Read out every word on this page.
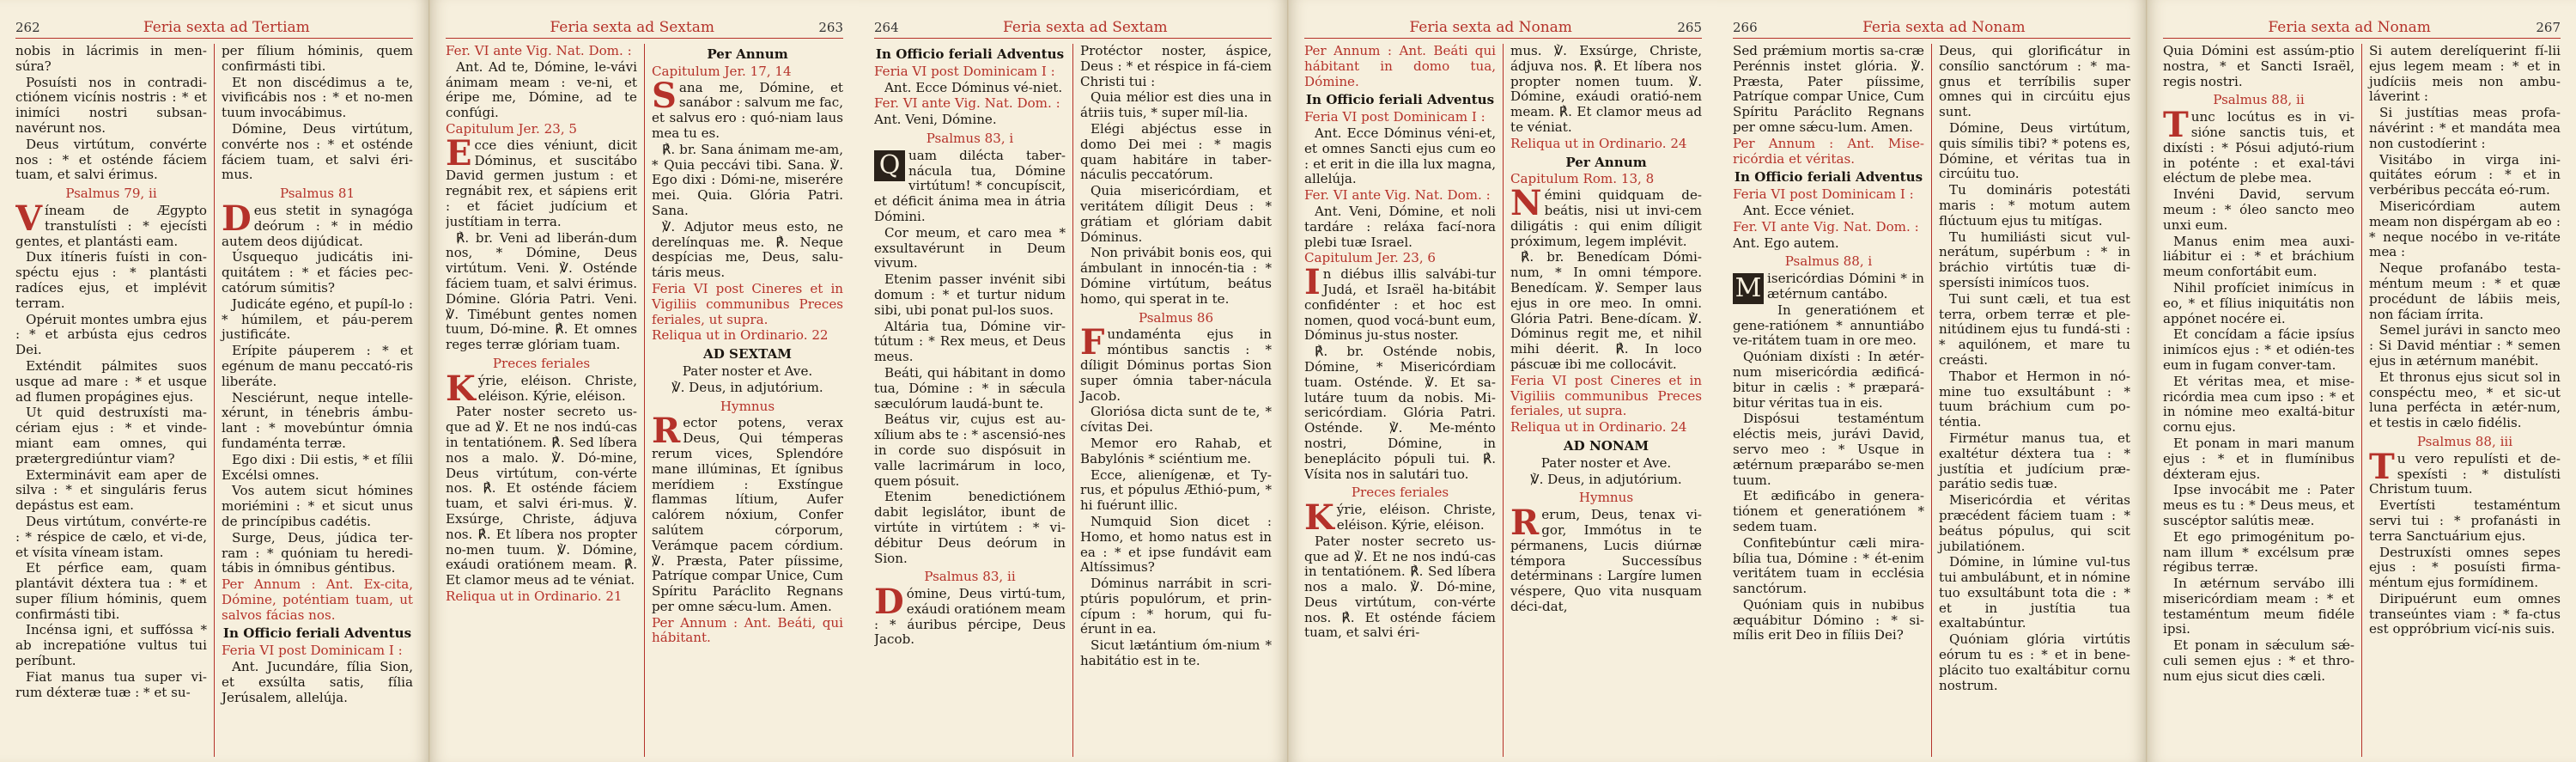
262	Feria sexta ad Tertiam
nobis in lácrimis in men-súra?
Posuísti nos in contradi-ctiónem vicínis nostris : * et inimíci nostri subsan-navérunt nos.
Deus virtútum, convérte nos : * et osténde fáciem tuam, et salvi érimus.
Psalmus 79, ii
Víneam de Ægypto transtulísti : * ejecísti gentes, et plantásti eam.
Dux itíneris fuísti in con-spéctu ejus : * plantásti radíces ejus, et implévit terram.
Opéruit montes umbra ejus : * et arbústa ejus cedros Dei.
Exténdit pálmites suos usque ad mare : * et usque ad flumen propágines ejus.
Ut quid destruxísti ma-cériam ejus : * et vinde-miant eam omnes, qui prætergrediúntur viam?
Exterminávit eam aper de silva : * et singuláris ferus depástus est eam.
Deus virtútum, convérte-re : * réspice de cælo, et vi-de, et vísita víneam istam.
Et pérfice eam, quam plantávit déxtera tua : * et super fílium hóminis, quem confirmásti tibi.
Incénsa igni, et suffóssa * ab increpatióne vultus tui períbunt.
Fiat manus tua super vi-rum déxteræ tuæ : * et su-
per fílium hóminis, quem confirmásti tibi.
Et non discédimus a te, vivificábis nos : * et no-men tuum invocábimus.
Dómine, Deus virtútum, convérte nos : * et osténde fáciem tuam, et salvi éri-mus.
Psalmus 81
Deus stetit in synagóga deórum : * in médio autem deos dijúdicat.
Úsquequo judicátis ini-quitátem : * et fácies pec-catórum súmitis?
Judicáte egéno, et pupíl-lo : * húmilem, et páu-perem justificáte.
Erípite páuperem : * et egénum de manu peccató-ris liberáte.
Nesciérunt, neque intelle-xérunt, in ténebris ámbu-lant : * movebúntur ómnia fundaménta terræ.
Ego dixi : Dii estis, * et fílii Excélsi omnes.
Vos autem sicut hómines moriémini : * et sicut unus de princípibus cadétis.
Surge, Deus, júdica ter-ram : * quóniam tu heredi-tábis in ómnibus géntibus.
Per Annum : Ant. Ex-cita, Dómine, poténtiam tuam, ut salvos fácias nos.
In Officio feriali Adventus
Feria VI post Dominicam I :
Ant. Jucundáre, fília Sion, et exsúlta satis, fília Jerúsalem, allelúja.
Feria sexta ad Sextam	263
Fer. VI ante Vig. Nat. Dom. :
Ant. Ad te, Dómine, le-vávi ánimam meam : ve-ni, et éripe me, Dómine, ad te confúgi.
Capitulum Jer. 23, 5
Ecce dies véniunt, dicit Dóminus, et suscitábo David germen justum : et regnábit rex, et sápiens erit : et fáciet judícium et justítiam in terra.
℟. br. Veni ad liberán-dum nos, * Dómine, Deus virtútum. Veni. ℣. Osténde fáciem tuam, et salvi érimus. Dómine. Glória Patri. Veni. ℣. Timébunt gentes nomen tuum, Dó-mine. ℟. Et omnes reges terræ glóriam tuam.
Preces feriales
Kýrie, eléison. Christe, eléison. Kýrie, eléison.
Pater noster secreto us-que ad ℣. Et ne nos indú-cas in tentatiónem. ℟. Sed líbera nos a malo. ℣. Dó-mine, Deus virtútum, con-vérte nos. ℟. Et osténde fáciem tuam, et salvi éri-mus. ℣. Exsúrge, Christe, ádjuva nos. ℟. Et líbera nos propter no-men tuum. ℣. Dómine, exáudi oratiónem meam. ℟. Et clamor meus ad te véniat.
Reliqua ut in Ordinario. 21
Per Annum
Capitulum Jer. 17, 14
Sana me, Dómine, et sanábor : salvum me fac, et salvus ero : quó-niam laus mea tu es.
℟. br. Sana ánimam me-am, * Quia peccávi tibi. Sana. ℣. Ego dixi : Dómi-ne, miserére mei. Quia. Glória Patri. Sana.
℣. Adjutor meus esto, ne derelínquas me. ℟. Neque despícias me, Deus, salu-táris meus.
Feria VI post Cineres et in Vigiliis communibus Preces feriales, ut supra.
Reliqua ut in Ordinario. 22
AD SEXTAM
Pater noster et Ave.
℣. Deus, in adjutórium.
Hymnus
Rector potens, verax Deus, Qui témperas rerum vices, Splendóre mane illúminas, Et ígnibus merídiem : Exstíngue flammas lítium, Aufer calórem nóxium, Confer salútem córporum, Verámque pacem córdium. ℣. Præsta, Pater píissime, Patríque compar Unice, Cum Spíritu Paráclito Regnans per omne sǽcu-lum. Amen.
Per Annum : Ant. Beáti, qui hábitant.
264	Feria sexta ad Sextam
In Officio feriali Adventus
Feria VI post Dominicam I :
Ant. Ecce Dóminus vé-niet.
Fer. VI ante Vig. Nat. Dom. :
Ant. Veni, Dómine.
Psalmus 83, i
Q uam dilécta taber-nácula tua, Dómine virtútum! * concupíscit, et déficit ánima mea in átria Dómini.
Cor meum, et caro mea * exsultavérunt in Deum vivum.
Etenim passer invénit sibi domum : * et turtur nidum sibi, ubi ponat pul-los suos.
Altária tua, Dómine vir-tútum : * Rex meus, et Deus meus.
Beáti, qui hábitant in domo tua, Dómine : * in sǽcula sæculórum laudá-bunt te.
Beátus vir, cujus est au-xílium abs te : * ascensió-nes in corde suo dispósuit in valle lacrimárum in loco, quem pósuit.
Etenim benedictiónem dabit legislátor, ibunt de virtúte in virtútem : * vi-débitur Deus deórum in Sion.
Psalmus 83, ii
Dómine, Deus virtú-tum, exáudi oratiónem meam : * áuribus pércipe, Deus Jacob.
Protéctor noster, áspice, Deus : * et réspice in fá-ciem Christi tui :
Quia mélior est dies una in átriis tuis, * super míl-lia.
Elégi abjéctus esse in domo Dei mei : * magis quam habitáre in taber-náculis peccatórum.
Quia misericórdiam, et veritátem díligit Deus : * grátiam et glóriam dabit Dóminus.
Non privábit bonis eos, qui ámbulant in innocén-tia : * Dómine virtútum, beátus homo, qui sperat in te.
Psalmus 86
Fundaménta ejus in móntibus sanctis : * díligit Dóminus portas Sion super ómnia taber-nácula Jacob.
Gloriósa dicta sunt de te, * cívitas Dei.
Memor ero Rahab, et Babylónis * sciéntium me.
Ecce, alienígenæ, et Ty-rus, et pópulus Æthió-pum, * hi fuérunt illic.
Numquid Sion dicet : Homo, et homo natus est in ea : * et ipse fundávit eam Altíssimus?
Dóminus narrábit in scri-ptúris populórum, et prin-cípum : * horum, qui fu-érunt in ea.
Sicut lætántium óm-nium * habitátio est in te.
Feria sexta ad Nonam	265
Per Annum : Ant. Beáti qui hábitant in domo tua, Dómine.
In Officio feriali Adventus
Feria VI post Dominicam I :
Ant. Ecce Dóminus véni-et, et omnes Sancti ejus cum eo : et erit in die illa lux magna, allelúja.
Fer. VI ante Vig. Nat. Dom. :
Ant. Veni, Dómine, et noli tardáre : reláxa fací-nora plebi tuæ Israel.
Capitulum Jer. 23, 6
In diébus illis salvábi-tur Judá, et Israël ha-bitábit confidénter : et hoc est nomen, quod vocá-bunt eum, Dóminus ju-stus noster.
℟. br. Osténde nobis, Dómine, * Misericórdiam tuam. Osténde. ℣. Et sa-lutáre tuum da nobis. Mi-sericórdiam. Glória Patri. Osténde. ℣. Me-ménto nostri, Dómine, in beneplácito pópuli tui. ℟. Vísita nos in salutári tuo.
Preces feriales
Kýrie, eléison. Christe, eléison. Kýrie, eléison.
Pater noster secreto us-que ad ℣. Et ne nos indú-cas in tentatiónem. ℟. Sed líbera nos a malo. ℣. Dó-mine, Deus virtútum, con-vérte nos. ℟. Et osténde fáciem tuam, et salvi éri-
mus. ℣. Exsúrge, Christe, ádjuva nos. ℟. Et líbera nos propter nomen tuum. ℣. Dómine, exáudi oratió-nem meam. ℟. Et clamor meus ad te véniat.
Reliqua ut in Ordinario. 24
Per Annum
Capitulum Rom. 13, 8
Némini quidquam de-beátis, nisi ut invi-cem diligátis : qui enim díligit próximum, legem implévit.
℟. br. Benedícam Dómi-num, * In omni témpore. Benedícam. ℣. Semper laus ejus in ore meo. In omni. Glória Patri. Bene-dícam. ℣. Dóminus regit me, et nihil mihi déerit. ℟. In loco páscuæ ibi me collocávit.
Feria VI post Cineres et in Vigiliis communibus Preces feriales, ut supra.
Reliqua ut in Ordinario. 24
AD NONAM
Pater noster et Ave.
℣. Deus, in adjutórium.
Hymnus
Rerum, Deus, tenax vi-gor, Immótus in te pérmanens, Lucis diúrnæ témpora Successíbus detérminans : Largíre lumen véspere, Quo vita nusquam déci-dat,
266	Feria sexta ad Nonam
Sed prǽmium mortis sa-cræ Perénnis instet glória. ℣. Præsta, Pater píissime, Patríque compar Unice, Cum Spíritu Paráclito Regnans per omne sǽcu-lum. Amen.
Per Annum : Ant. Mise-ricórdia et véritas.
In Officio feriali Adventus
Feria VI post Dominicam I :
Ant. Ecce véniet.
Fer. VI ante Vig. Nat. Dom. :
Ant. Ego autem.
Psalmus 88, i
M isericórdias Dómini * in ætérnum cantábo.
In generatiónem et gene-ratiónem * annuntiábo ve-ritátem tuam in ore meo.
Quóniam dixísti : In ætér-num misericórdia ædificá-bitur in cælis : * præpará-bitur véritas tua in eis.
Dispósui testaméntum eléctis meis, jurávi David, servo meo : * Usque in ætérnum præparábo se-men tuum.
Et ædificábo in genera-tiónem et generatiónem * sedem tuam.
Confitebúntur cæli mira-bília tua, Dómine : * ét-enim veritátem tuam in ecclésia sanctórum.
Quóniam quis in nubibus æquábitur Dómino : * si-mílis erit Deo in fíliis Dei?
Deus, qui glorificátur in consílio sanctórum : * ma-gnus et terríbilis super omnes qui in circúitu ejus sunt.
Dómine, Deus virtútum, quis símilis tibi? * potens es, Dómine, et véritas tua in circúitu tuo.
Tu domináris potestáti maris : * motum autem flúctuum ejus tu mitígas.
Tu humiliásti sicut vul-nerátum, supérbum : * in bráchio virtútis tuæ di-spersísti inimícos tuos.
Tui sunt cæli, et tua est terra, orbem terræ et ple-nitúdinem ejus tu fundá-sti : * aquilónem, et mare tu creásti.
Thabor et Hermon in nó-mine tuo exsultábunt : * tuum bráchium cum po-téntia.
Firmétur manus tua, et exaltétur déxtera tua : * justítia et judícium præ-parátio sedis tuæ.
Misericórdia et véritas præcédent fáciem tuam : * beátus pópulus, qui scit jubilatiónem.
Dómine, in lúmine vul-tus tui ambulábunt, et in nómine tuo exsultábunt tota die : * et in justítia tua exaltabúntur.
Quóniam glória virtútis eórum tu es : * et in bene-plácito tuo exaltábitur cornu nostrum.
Feria sexta ad Nonam	267
Quia Dómini est assúm-ptio nostra, * et Sancti Israël, regis nostri.
Psalmus 88, ii
Tunc locútus es in vi-sióne sanctis tuis, et dixísti : * Pósui adjutó-rium in poténte : et exal-távi eléctum de plebe mea.
Invéni David, servum meum : * óleo sancto meo unxi eum.
Manus enim mea auxi-liábitur ei : * et bráchium meum confortábit eum.
Nihil profíciet inimícus in eo, * et fílius iniquitátis non appónet nocére ei.
Et concídam a fácie ipsíus inimícos ejus : * et odién-tes eum in fugam conver-tam.
Et véritas mea, et mise-ricórdia mea cum ipso : * et in nómine meo exaltá-bitur cornu ejus.
Et ponam in mari manum ejus : * et in flumínibus déxteram ejus.
Ipse invocábit me : Pater meus es tu : * Deus meus, et suscéptor salútis meæ.
Et ego primogénitum po-nam illum * excélsum præ régibus terræ.
In ætérnum servábo illi misericórdiam meam : * et testaméntum meum fidéle ipsi.
Et ponam in sǽculum sǽ-culi semen ejus : * et thro-num ejus sicut dies cæli.
Si autem derelíquerint fí-lii ejus legem meam : * et in judíciis meis non ambu-láverint :
Si justítias meas profa-návérint : * et mandáta mea non custodíerint :
Visitábo in virga ini-quitátes eórum : * et in verbéribus peccáta eó-rum.
Misericórdiam autem meam non dispérgam ab eo : * neque nocébo in ve-ritáte mea :
Neque profanábo testa-méntum meum : * et quæ procédunt de lábiis meis, non fáciam írrita.
Semel jurávi in sancto meo : Si David méntiar : * semen ejus in ætérnum manébit.
Et thronus ejus sicut sol in conspéctu meo, * et sic-ut luna perfécta in ætér-num, et testis in cælo fidélis.
Psalmus 88, iii
Tu vero repulísti et de-spexísti : * distulísti Christum tuum.
Evertísti testaméntum servi tui : * profanásti in terra Sanctuárium ejus.
Destruxísti omnes sepes ejus : * posuísti firma-méntum ejus formídinem.
Diripuérunt eum omnes transeúntes viam : * fa-ctus est oppróbrium vicí-nis suis.
